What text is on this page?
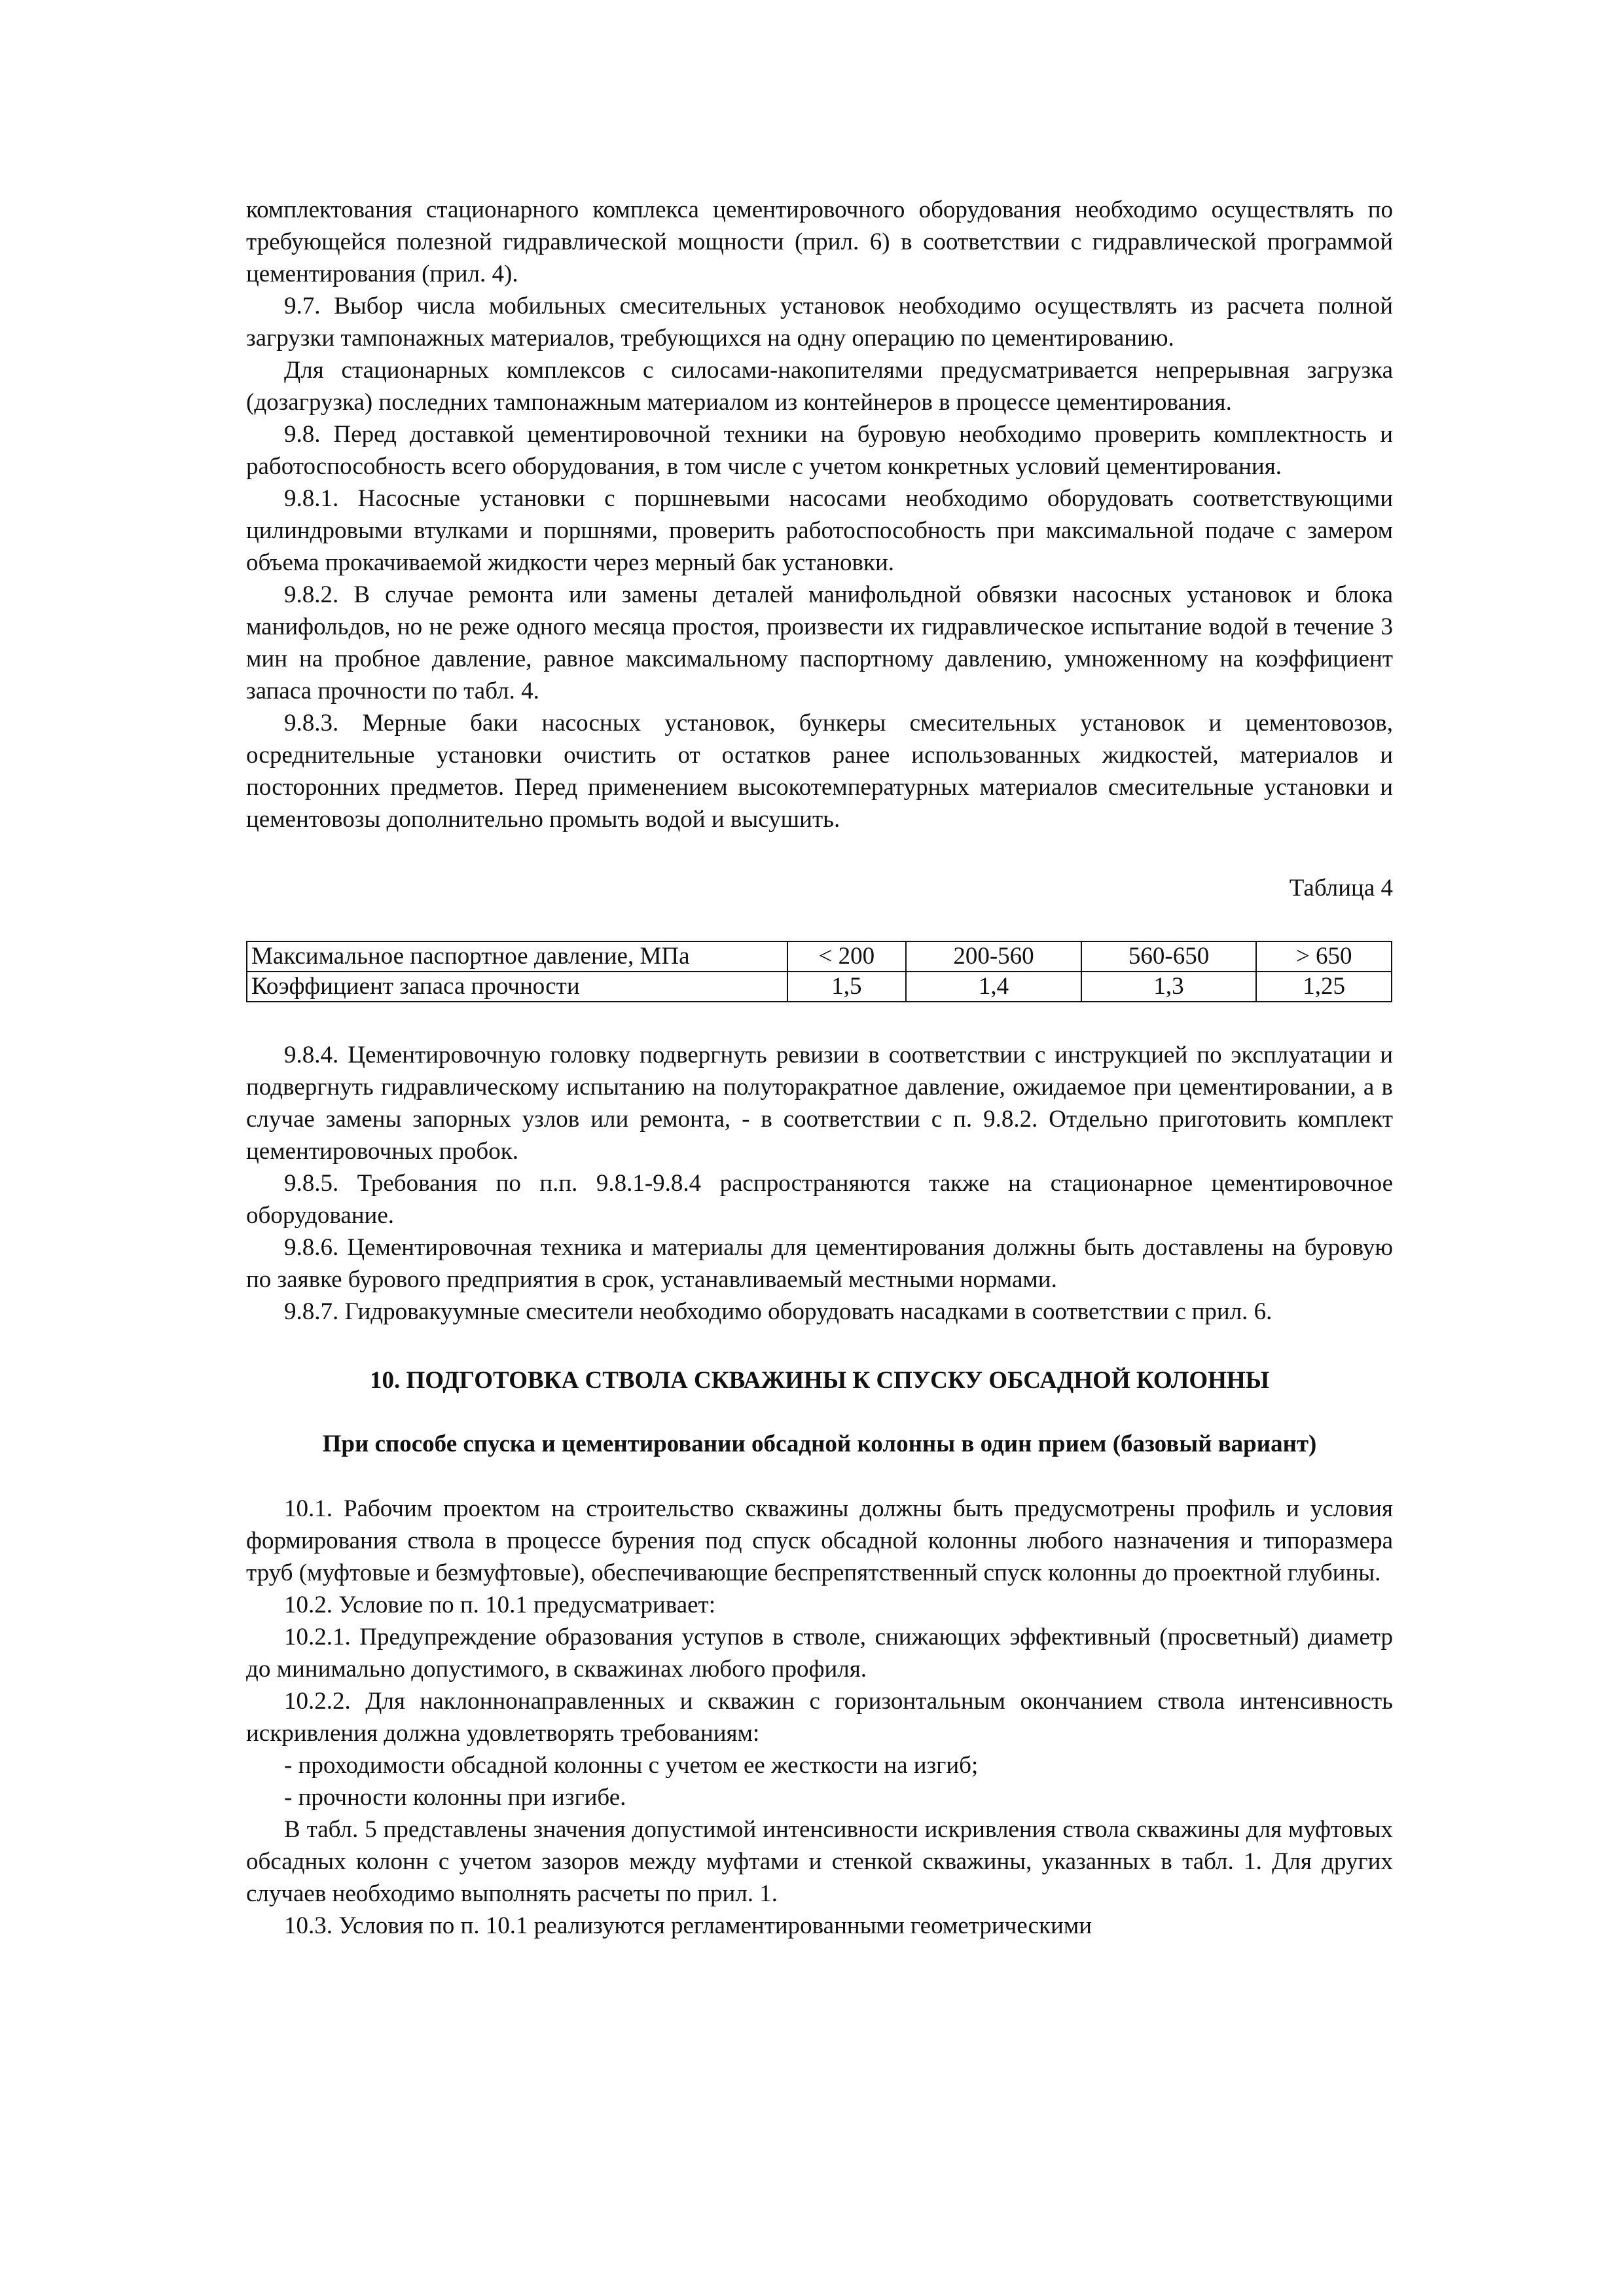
комплектования стационарного комплекса цементировочного оборудования необходимо осуществлять по требующейся полезной гидравлической мощности (прил. 6) в соответствии с гидравлической программой цементирования (прил. 4).

9.7. Выбор числа мобильных смесительных установок необходимо осуществлять из расчета полной загрузки тампонажных материалов, требующихся на одну операцию по цементированию.

Для стационарных комплексов с силосами-накопителями предусматривается непрерывная загрузка (дозагрузка) последних тампонажным материалом из контейнеров в процессе цементирования.

9.8. Перед доставкой цементировочной техники на буровую необходимо проверить комплектность и работоспособность всего оборудования, в том числе с учетом конкретных условий цементирования.

9.8.1. Насосные установки с поршневыми насосами необходимо оборудовать соответствующими цилиндровыми втулками и поршнями, проверить работоспособность при максимальной подаче с замером объема прокачиваемой жидкости через мерный бак установки.

9.8.2. В случае ремонта или замены деталей манифольдной обвязки насосных установок и блока манифольдов, но не реже одного месяца простоя, произвести их гидравлическое испытание водой в течение 3 мин на пробное давление, равное максимальному паспортному давлению, умноженному на коэффициент запаса прочности по табл. 4.

9.8.3. Мерные баки насосных установок, бункеры смесительных установок и цементовозов, осреднительные установки очистить от остатков ранее использованных жидкостей, материалов и посторонних предметов. Перед применением высокотемпературных материалов смесительные установки и цементовозы дополнительно промыть водой и высушить.

Таблица 4
Максимальное паспортное давление, МПа	< 200	200-560	560-650	> 650
Коэффициент запаса прочности	1,5	1,4	1,3	1,25

9.8.4. Цементировочную головку подвергнуть ревизии в соответствии с инструкцией по эксплуатации и подвергнуть гидравлическому испытанию на полуторакратное давление, ожидаемое при цементировании, а в случае замены запорных узлов или ремонта, - в соответствии с п. 9.8.2. Отдельно приготовить комплект цементировочных пробок.

9.8.5. Требования по п.п. 9.8.1-9.8.4 распространяются также на стационарное цементировочное оборудование.

9.8.6. Цементировочная техника и материалы для цементирования должны быть доставлены на буровую по заявке бурового предприятия в срок, устанавливаемый местными нормами.

9.8.7. Гидровакуумные смесители необходимо оборудовать насадками в соответствии с прил. 6.

10. ПОДГОТОВКА СТВОЛА СКВАЖИНЫ К СПУСКУ ОБСАДНОЙ КОЛОННЫ
При способе спуска и цементировании обсадной колонны в один прием (базовый вариант)

10.1. Рабочим проектом на строительство скважины должны быть предусмотрены профиль и условия формирования ствола в процессе бурения под спуск обсадной колонны любого назначения и типоразмера труб (муфтовые и безмуфтовые), обеспечивающие беспрепятственный спуск колонны до проектной глубины.

10.2. Условие по п. 10.1 предусматривает:

10.2.1. Предупреждение образования уступов в стволе, снижающих эффективный (просветный) диаметр до минимально допустимого, в скважинах любого профиля.

10.2.2. Для наклоннонаправленных и скважин с горизонтальным окончанием ствола интенсивность искривления должна удовлетворять требованиям:

- проходимости обсадной колонны с учетом ее жесткости на изгиб;

- прочности колонны при изгибе.

В табл. 5 представлены значения допустимой интенсивности искривления ствола скважины для муфтовых обсадных колонн с учетом зазоров между муфтами и стенкой скважины, указанных в табл. 1. Для других случаев необходимо выполнять расчеты по прил. 1.

10.3. Условия по п. 10.1 реализуются регламентированными геометрическими
